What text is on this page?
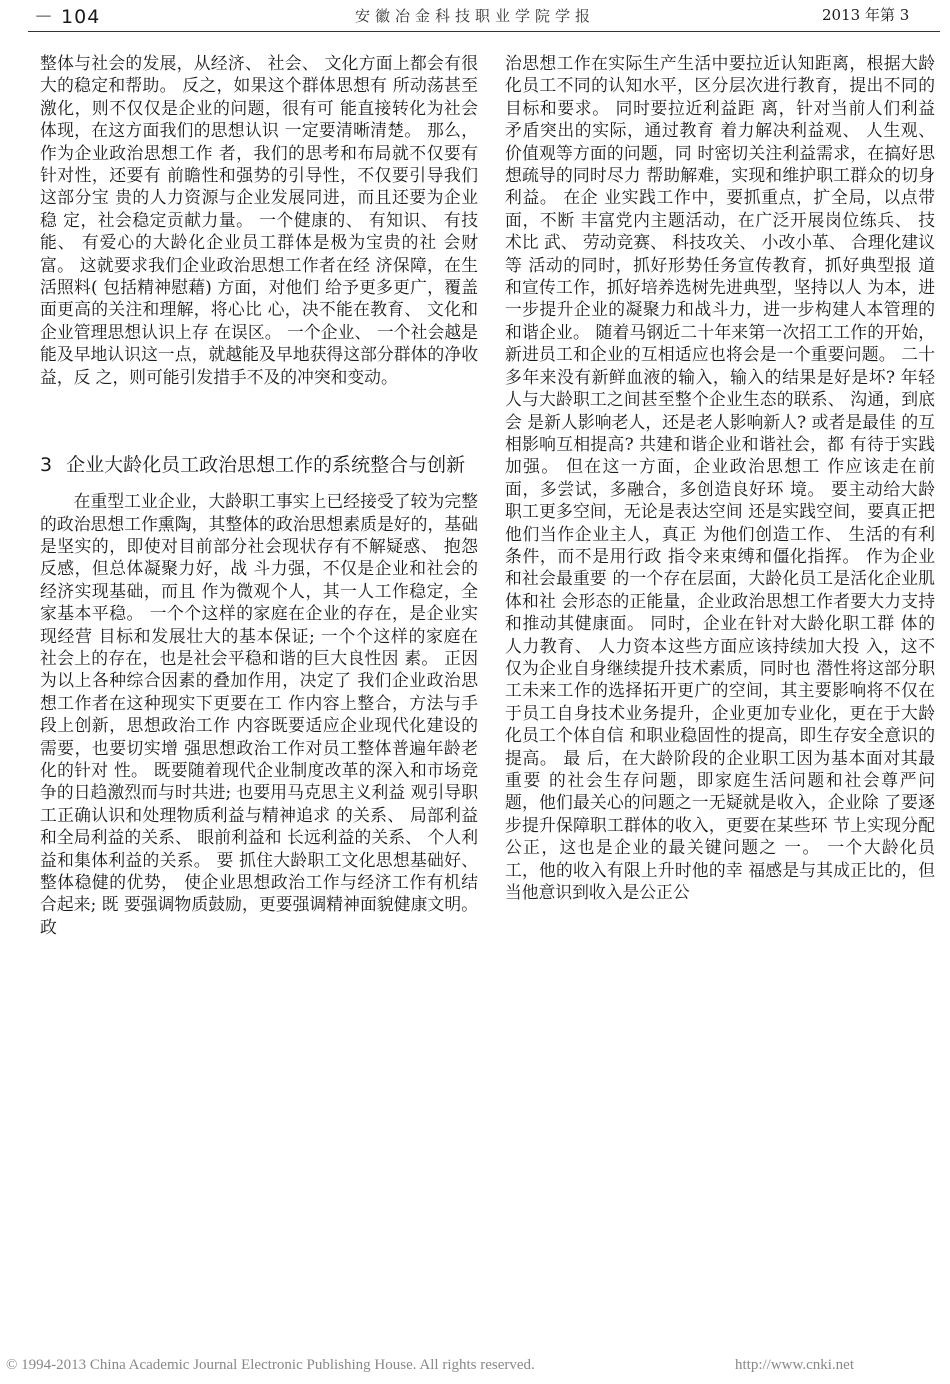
－ 104	安徽冶金科技职业学院学报	2013 年第 3

整体与社会的发展，从经济、 社会、 文化方面上都会有很大的稳定和帮助。 反之，如果这个群体思想有 所动荡甚至激化，则不仅仅是企业的问题，很有可 能直接转化为社会体现，在这方面我们的思想认识 一定要清晰清楚。 那么，作为企业政治思想工作 者，我们的思考和布局就不仅要有针对性，还要有 前瞻性和强势的引导性，不仅要引导我们这部分宝 贵的人力资源与企业发展同进，而且还要为企业稳 定，社会稳定贡献力量。 一个健康的、 有知识、 有技 能、 有爱心的大龄化企业员工群体是极为宝贵的社 会财富。 这就要求我们企业政治思想工作者在经 济保障，在生活照料( 包括精神慰藉) 方面，对他们 给予更多更广，覆盖面更高的关注和理解，将心比 心，决不能在教育、 文化和企业管理思想认识上存 在误区。 一个企业、 一个社会越是能及早地认识这一点，就越能及早地获得这部分群体的净收益，反 之，则可能引发措手不及的冲突和变动。

3 企业大龄化员工政治思想工作的系统整合与创新

在重型工业企业，大龄职工事实上已经接受了较为完整的政治思想工作熏陶，其整体的政治思想素质是好的，基础是坚实的，即使对目前部分社会现状存有不解疑惑、 抱怨反感，但总体凝聚力好，战 斗力强，不仅是企业和社会的经济实现基础，而且 作为微观个人，其一人工作稳定，全家基本平稳。 一个个这样的家庭在企业的存在，是企业实现经营 目标和发展壮大的基本保证; 一个个这样的家庭在 社会上的存在，也是社会平稳和谐的巨大良性因 素。 正因为以上各种综合因素的叠加作用，决定了 我们企业政治思想工作者在这种现实下更要在工 作内容上整合，方法与手段上创新，思想政治工作 内容既要适应企业现代化建设的需要，也要切实增 强思想政治工作对员工整体普遍年龄老化的针对 性。 既要随着现代企业制度改革的深入和市场竞 争的日趋激烈而与时共进; 也要用马克思主义利益 观引导职工正确认识和处理物质利益与精神追求 的关系、 局部利益和全局利益的关系、 眼前利益和 长远利益的关系、 个人利益和集体利益的关系。 要 抓住大龄职工文化思想基础好、 整体稳健的优势， 使企业思想政治工作与经济工作有机结合起来; 既 要强调物质鼓励，更要强调精神面貌健康文明。 政

治思想工作在实际生产生活中要拉近认知距离，根据大龄化员工不同的认知水平，区分层次进行教育，提出不同的目标和要求。 同时要拉近利益距 离，针对当前人们利益矛盾突出的实际，通过教育 着力解决利益观、 人生观、 价值观等方面的问题，同 时密切关注利益需求，在搞好思想疏导的同时尽力 帮助解难，实现和维护职工群众的切身利益。 在企 业实践工作中，要抓重点，扩全局，以点带面，不断 丰富党内主题活动，在广泛开展岗位练兵、 技术比 武、 劳动竞赛、 科技攻关、 小改小革、 合理化建议等 活动的同时，抓好形势任务宣传教育，抓好典型报 道和宣传工作，抓好培养选树先进典型，坚持以人 为本，进一步提升企业的凝聚力和战斗力，进一步构建人本管理的和谐企业。 随着马钢近二十年来第一次招工工作的开始，新进员工和企业的互相适应也将会是一个重要问题。 二十多年来没有新鲜血液的输入，输入的结果是好是坏? 年轻人与大龄职工之间甚至整个企业生态的联系、 沟通，到底会 是新人影响老人，还是老人影响新人? 或者是最佳 的互相影响互相提高? 共建和谐企业和谐社会，都 有待于实践加强。 但在这一方面，企业政治思想工 作应该走在前面，多尝试，多融合，多创造良好环 境。 要主动给大龄职工更多空间，无论是表达空间 还是实践空间，要真正把他们当作企业主人，真正 为他们创造工作、 生活的有利条件，而不是用行政 指令来束缚和僵化指挥。 作为企业和社会最重要 的一个存在层面，大龄化员工是活化企业肌体和社 会形态的正能量，企业政治思想工作者要大力支持 和推动其健康面。 同时，企业在针对大龄化职工群 体的人力教育、 人力资本这些方面应该持续加大投 入，这不仅为企业自身继续提升技术素质，同时也 潜性将这部分职工未来工作的选择拓开更广的空间，其主要影响将不仅在于员工自身技术业务提升，企业更加专业化，更在于大龄化员工个体自信 和职业稳固性的提高，即生存安全意识的提高。 最 后，在大龄阶段的企业职工因为基本面对其最重要 的社会生存问题，即家庭生活问题和社会尊严问 题，他们最关心的问题之一无疑就是收入，企业除 了要逐步提升保障职工群体的收入，更要在某些环 节上实现分配公正，这也是企业的最关键问题之 一。 一个大龄化员工，他的收入有限上升时他的幸 福感是与其成正比的，但当他意识到收入是公正公

© 1994-2013 China Academic Journal Electronic Publishing House. All rights reserved.	http://www.cnki.net
